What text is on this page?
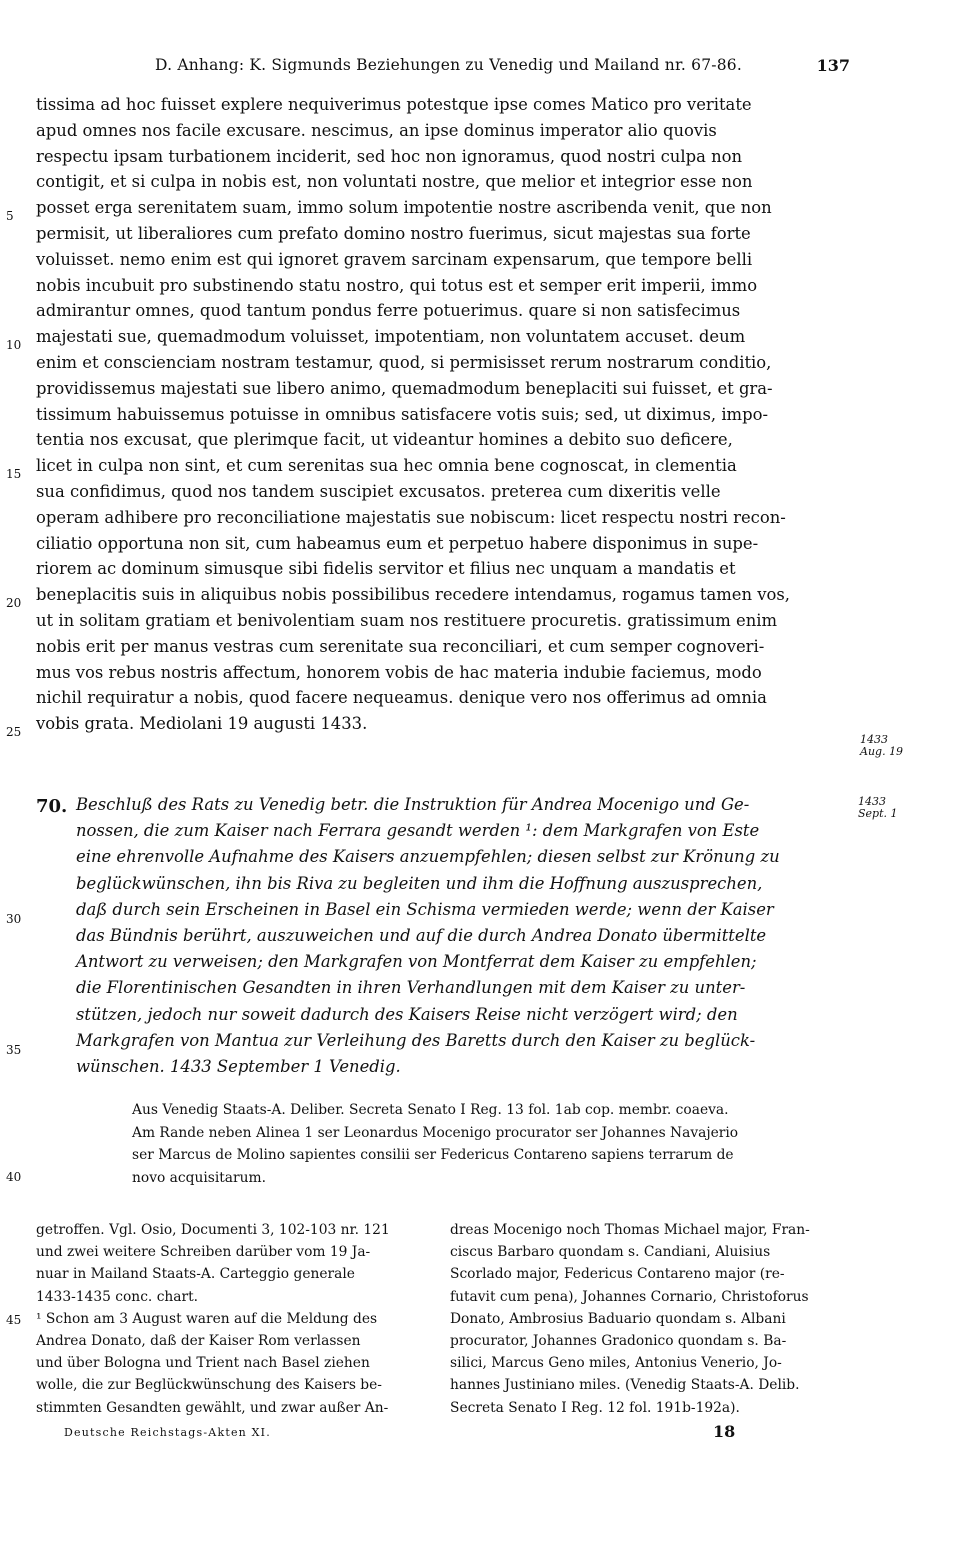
D. Anhang: K. Sigmunds Beziehungen zu Venedig und Mailand nr. 67-86.	137
tissima ad hoc fuisset explere nequiverimus potestque ipse comes Matico pro veritate
apud omnes nos facile excusare. nescimus, an ipse dominus imperator alio quovis
respectu ipsam turbationem inciderit, sed hoc non ignoramus, quod nostri culpa non
contigit, et si culpa in nobis est, non voluntati nostre, que melior et integrior esse non
posset erga serenitatem suam, immo solum impotentie nostre ascribenda venit, que non
permisit, ut liberaliores cum prefato domino nostro fuerimus, sicut majestas sua forte
voluisset. nemo enim est qui ignoret gravem sarcinam expensarum, que tempore belli
nobis incubuit pro substinendo statu nostro, qui totus est et semper erit imperii, immo
admirantur omnes, quod tantum pondus ferre potuerimus. quare si non satisfecimus
majestati sue, quemadmodum voluisset, impotentiam, non voluntatem accuset. deum
enim et conscienciam nostram testamur, quod, si permisisset rerum nostrarum conditio,
providissemus majestati sue libero animo, quemadmodum beneplaciti sui fuisset, et gra-
tissimum habuissemus potuisse in omnibus satisfacere votis suis; sed, ut diximus, impo-
tentia nos excusat, que plerimque facit, ut videantur homines a debito suo deficere,
licet in culpa non sint, et cum serenitas sua hec omnia bene cognoscat, in clementia
sua confidimus, quod nos tandem suscipiet excusatos. preterea cum dixeritis velle
operam adhibere pro reconciliatione majestatis sue nobiscum: licet respectu nostri recon-
ciliatio opportuna non sit, cum habeamus eum et perpetuo habere disponimus in supe-
riorem ac dominum simusque sibi fidelis servitor et filius nec unquam a mandatis et
beneplacitis suis in aliquibus nobis possibilibus recedere intendamus, rogamus tamen vos,
ut in solitam gratiam et benivolentiam suam nos restituere procuretis. gratissimum enim
nobis erit per manus vestras cum serenitate sua reconciliari, et cum semper cognoveri-
mus vos rebus nostris affectum, honorem vobis de hac materia indubie faciemus, modo
nichil requiratur a nobis, quod facere nequeamus. denique vero nos offerimus ad omnia
vobis grata. Mediolani 19 augusti 1433.
1433
Aug. 19
70. Beschluß des Rats zu Venedig betr. die Instruktion für Andrea Mocenigo und Ge-
nossen, die zum Kaiser nach Ferrara gesandt werden ¹: dem Markgrafen von Este
eine ehrenvolle Aufnahme des Kaisers anzuempfehlen; diesen selbst zur Krönung zu
beglückwünschen, ihn bis Riva zu begleiten und ihm die Hoffnung auszusprechen,
daß durch sein Erscheinen in Basel ein Schisma vermieden werde; wenn der Kaiser
das Bündnis berührt, auszuweichen und auf die durch Andrea Donato übermittelte
Antwort zu verweisen; den Markgrafen von Montferrat dem Kaiser zu empfehlen;
die Florentinischen Gesandten in ihren Verhandlungen mit dem Kaiser zu unter-
stützen, jedoch nur soweit dadurch des Kaisers Reise nicht verzögert wird; den
Markgrafen von Mantua zur Verleihung des Baretts durch den Kaiser zu beglück-
wünschen. 1433 September 1 Venedig.
1433
Sept. 1
Aus Venedig Staats-A. Deliber. Secreta Senato I Reg. 13 fol. 1ab cop. membr. coaeva.
Am Rande neben Alinea 1 ser Leonardus Mocenigo procurator ser Johannes Navajerio
ser Marcus de Molino sapientes consilii ser Federicus Contareno sapiens terrarum de
novo acquisitarum.
getroffen. Vgl. Osio, Documenti 3, 102-103 nr. 121
und zwei weitere Schreiben darüber vom 19 Ja-
nuar in Mailand Staats-A. Carteggio generale
1433-1435 conc. chart.
¹ Schon am 3 August waren auf die Meldung des
Andrea Donato, daß der Kaiser Rom verlassen
und über Bologna und Trient nach Basel ziehen
wolle, die zur Beglückwünschung des Kaisers be-
stimmten Gesandten gewählt, und zwar außer An-
dreas Mocenigo noch Thomas Michael major, Fran-
ciscus Barbaro quondam s. Candiani, Aluisius
Scorlado major, Federicus Contareno major (re-
futavit cum pena), Johannes Cornario, Christoforus
Donato, Ambrosius Baduario quondam s. Albani
procurator, Johannes Gradonico quondam s. Ba-
silici, Marcus Geno miles, Antonius Venerio, Jo-
hannes Justiniano miles. (Venedig Staats-A. Delib.
Secreta Senato I Reg. 12 fol. 191b-192a).
5
10
15
20
25
30
35
40
45
Deutsche Reichstags-Akten XI.	18
